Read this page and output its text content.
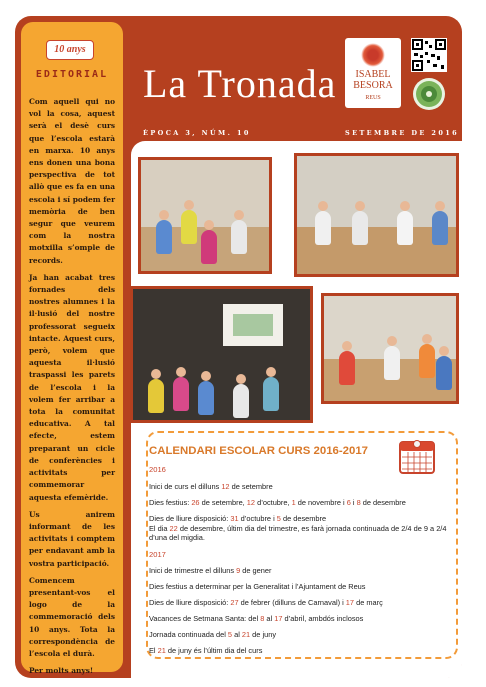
10 anys
EDITORIAL

Com aquell qui no vol la cosa, aquest serà el desè curs que l’escola estarà en marxa. 10 anys ens donen una bona perspectiva de tot allò que es fa en una escola i sí podem fer memòria de ben segur que veurem com la nostra motxilla s’omple de records.

Ja han acabat tres fornades dels nostres alumnes i la il·lusió del nostre professorat segueix intacte. Aquest curs, però, volem que aquesta il·lusió traspassi les parets de l’escola i la volem fer arribar a tota la comunitat educativa. A tal efecte, estem preparant un cicle de conferències i activitats per commemorar aquesta efemèride.

Us anirem informant de les activitats i comptem per endavant amb la vostra participació.

Comencem presentant-vos el logo de la commemoració dels 10 anys. Tota la correspondència de l’escola el durà.

Per molts anys!

La Tronada
ÈPOCA 3, NÚM. 10	SETEMBRE DE 2016
ISABEL
BESORA
REUS
CALENDARI ESCOLAR CURS 2016-2017
2016
Inici de curs el dilluns 12 de setembre
Dies festius: 26 de setembre, 12 d’octubre, 1 de novembre i 6 i 8 de desembre
Dies de lliure disposició: 31 d’octubre i 5 de desembre
El dia 22 de desembre, últim dia del trimestre, es farà jornada continuada de 2/4 de 9 a 2/4 d’una del migdia.
2017
Inici de trimestre el dilluns 9 de gener
Dies festius a determinar per la Generalitat i l’Ajuntament de Reus
Dies de lliure disposició: 27 de febrer (dilluns de Carnaval) i 17 de març
Vacances de Setmana Santa: del 8 al 17 d’abril, ambdós inclosos
Jornada continuada del 5 al 21 de juny
El 21 de juny és l’últim dia del curs
